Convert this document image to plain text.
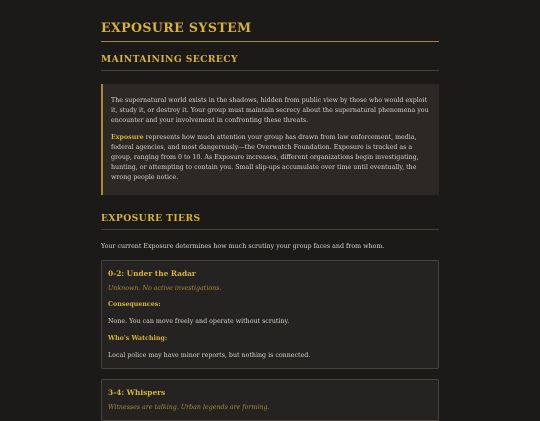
EXPOSURE SYSTEM
MAINTAINING SECRECY

The supernatural world exists in the shadows, hidden from public view by those who would exploit it, study it, or destroy it. Your group must maintain secrecy about the supernatural phenomena you encounter and your involvement in confronting these threats.

Exposure represents how much attention your group has drawn from law enforcement, media, federal agencies, and most dangerously—the Overwatch Foundation. Exposure is tracked as a group, ranging from 0 to 10. As Exposure increases, different organizations begin investigating, hunting, or attempting to contain you. Small slip-ups accumulate over time until eventually, the wrong people notice.

EXPOSURE TIERS
Your current Exposure determines how much scrutiny your group faces and from whom.
0-2: Under the Radar
Unknown. No active investigations.
Consequences:
None. You can move freely and operate without scrutiny.
Who's Watching:
Local police may have minor reports, but nothing is connected.
3-4: Whispers
Witnesses are talking. Urban legends are forming.
